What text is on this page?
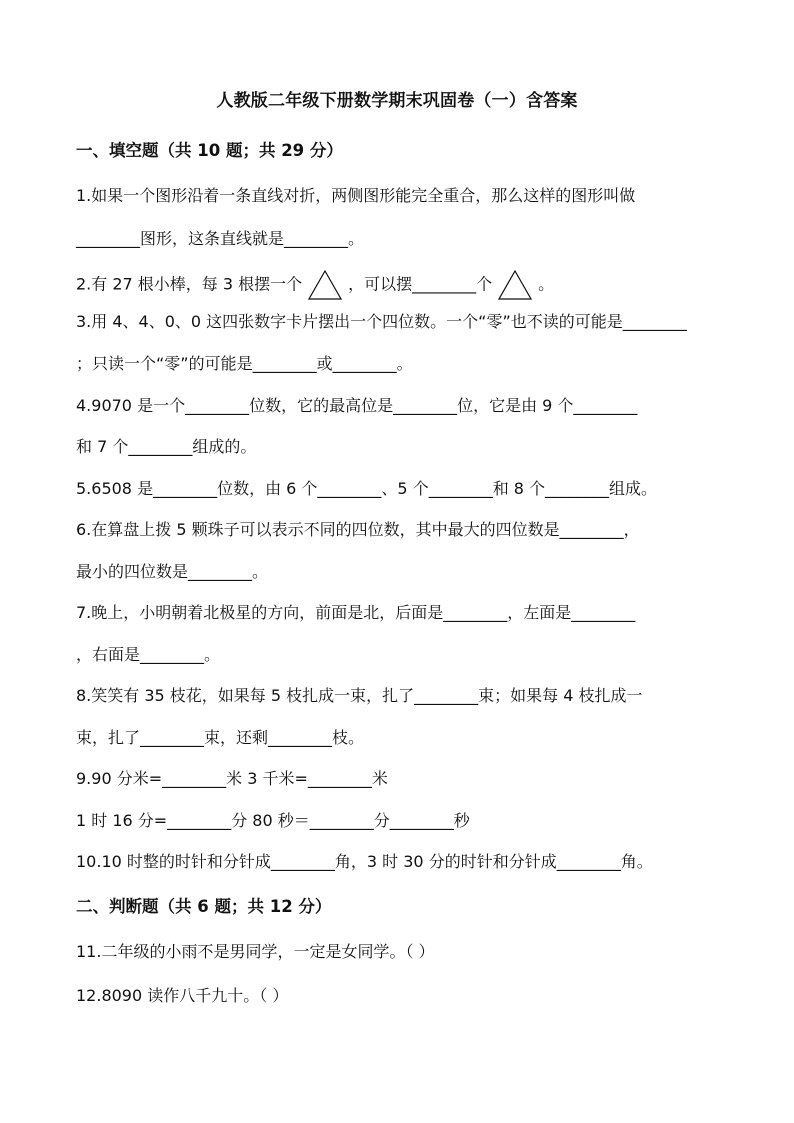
人教版二年级下册数学期末巩固卷（一）含答案
一、填空题（共 10 题；共 29 分）
1.如果一个图形沿着一条直线对折，两侧图形能完全重合，那么这样的图形叫做
________图形，这条直线就是________。
2.有 27 根小棒，每 3 根摆一个	，可以摆________个	。
3.用 4、4、0、0 这四张数字卡片摆出一个四位数。一个“零”也不读的可能是________
；只读一个“零”的可能是________或________。
4.9070 是一个________位数，它的最高位是________位，它是由 9 个________
和 7 个________组成的。
5.6508 是________位数，由 6 个________、5 个________和 8 个________组成。
6.在算盘上拨 5 颗珠子可以表示不同的四位数，其中最大的四位数是________，
最小的四位数是________。
7.晚上，小明朝着北极星的方向，前面是北，后面是________，左面是________
，右面是________。
8.笑笑有 35 枝花，如果每 5 枝扎成一束，扎了________束；如果每 4 枝扎成一
束，扎了________束，还剩________枝。
9.90 分米=________米 3 千米=________米
1 时 16 分=________分 80 秒＝________分________秒
10.10 时整的时针和分针成________角，3 时 30 分的时针和分针成________角。
二、判断题（共 6 题；共 12 分）
11.二年级的小雨不是男同学，一定是女同学。（ ）
12.8090 读作八千九十。（ ）
